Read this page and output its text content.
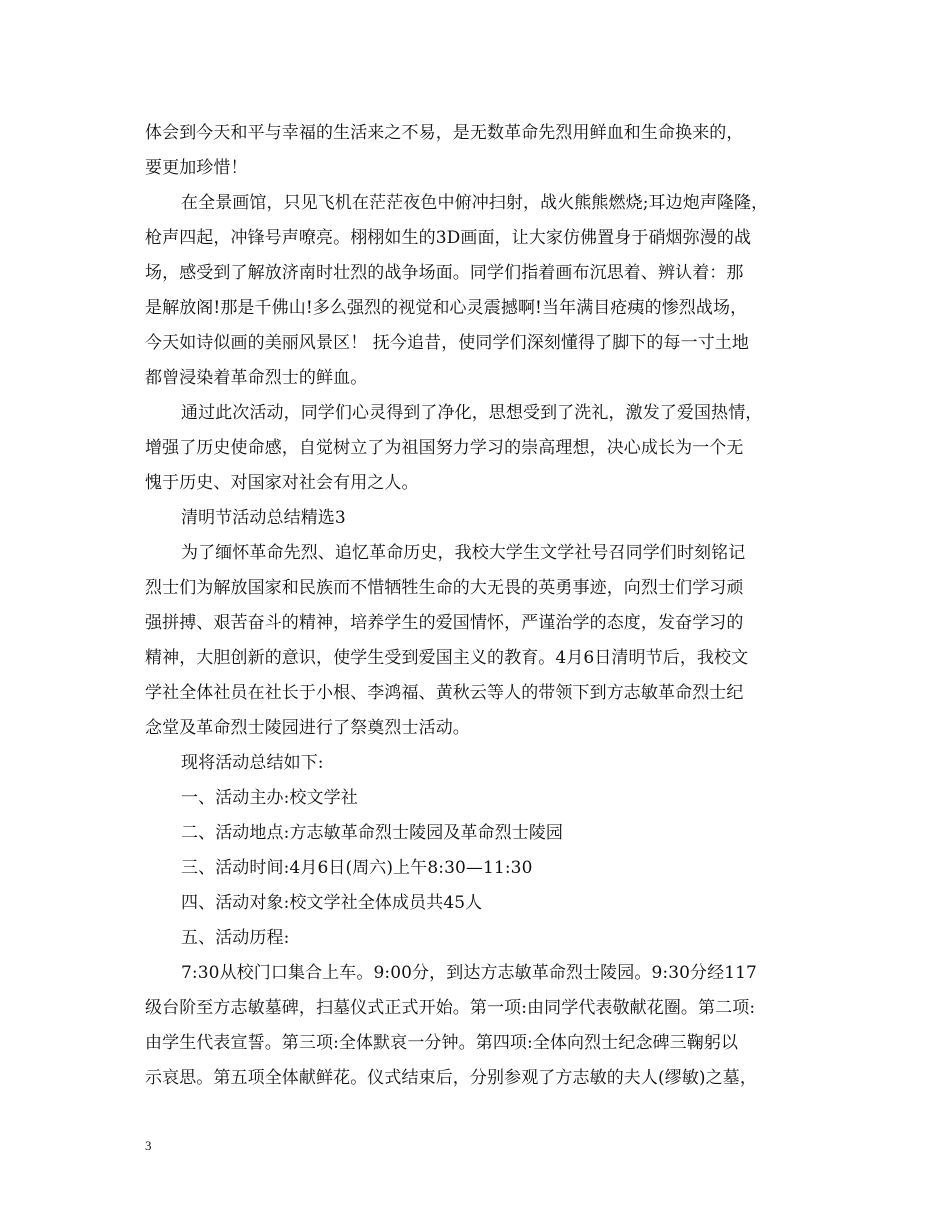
体会到今天和平与幸福的生活来之不易，是无数革命先烈用鲜血和生命换来的，
要更加珍惜！
在全景画馆，只见飞机在茫茫夜色中俯冲扫射，战火熊熊燃烧;耳边炮声隆隆，
枪声四起，冲锋号声嘹亮。栩栩如生的3D画面，让大家仿佛置身于硝烟弥漫的战
场，感受到了解放济南时壮烈的战争场面。同学们指着画布沉思着、辨认着：那
是解放阁!那是千佛山!多么强烈的视觉和心灵震撼啊!当年满目疮痍的惨烈战场，
今天如诗似画的美丽风景区！ 抚今追昔，使同学们深刻懂得了脚下的每一寸土地
都曾浸染着革命烈士的鲜血。
通过此次活动，同学们心灵得到了净化，思想受到了洗礼，激发了爱国热情，
增强了历史使命感，自觉树立了为祖国努力学习的崇高理想，决心成长为一个无
愧于历史、对国家对社会有用之人。
清明节活动总结精选3
为了缅怀革命先烈、追忆革命历史，我校大学生文学社号召同学们时刻铭记
烈士们为解放国家和民族而不惜牺牲生命的大无畏的英勇事迹，向烈士们学习顽
强拼搏、艰苦奋斗的精神，培养学生的爱国情怀，严谨治学的态度，发奋学习的
精神，大胆创新的意识，使学生受到爱国主义的教育。4月6日清明节后，我校文
学社全体社员在社长于小根、李鸿福、黄秋云等人的带领下到方志敏革命烈士纪
念堂及革命烈士陵园进行了祭奠烈士活动。
现将活动总结如下:
一、活动主办:校文学社
二、活动地点:方志敏革命烈士陵园及革命烈士陵园
三、活动时间:4月6日(周六)上午8:30—11:30
四、活动对象:校文学社全体成员共45人
五、活动历程:
7:30从校门口集合上车。9:00分，到达方志敏革命烈士陵园。9:30分经117
级台阶至方志敏墓碑，扫墓仪式正式开始。第一项:由同学代表敬献花圈。第二项:
由学生代表宣誓。第三项:全体默哀一分钟。第四项:全体向烈士纪念碑三鞠躬以
示哀思。第五项全体献鲜花。仪式结束后，分别参观了方志敏的夫人(缪敏)之墓，
3
